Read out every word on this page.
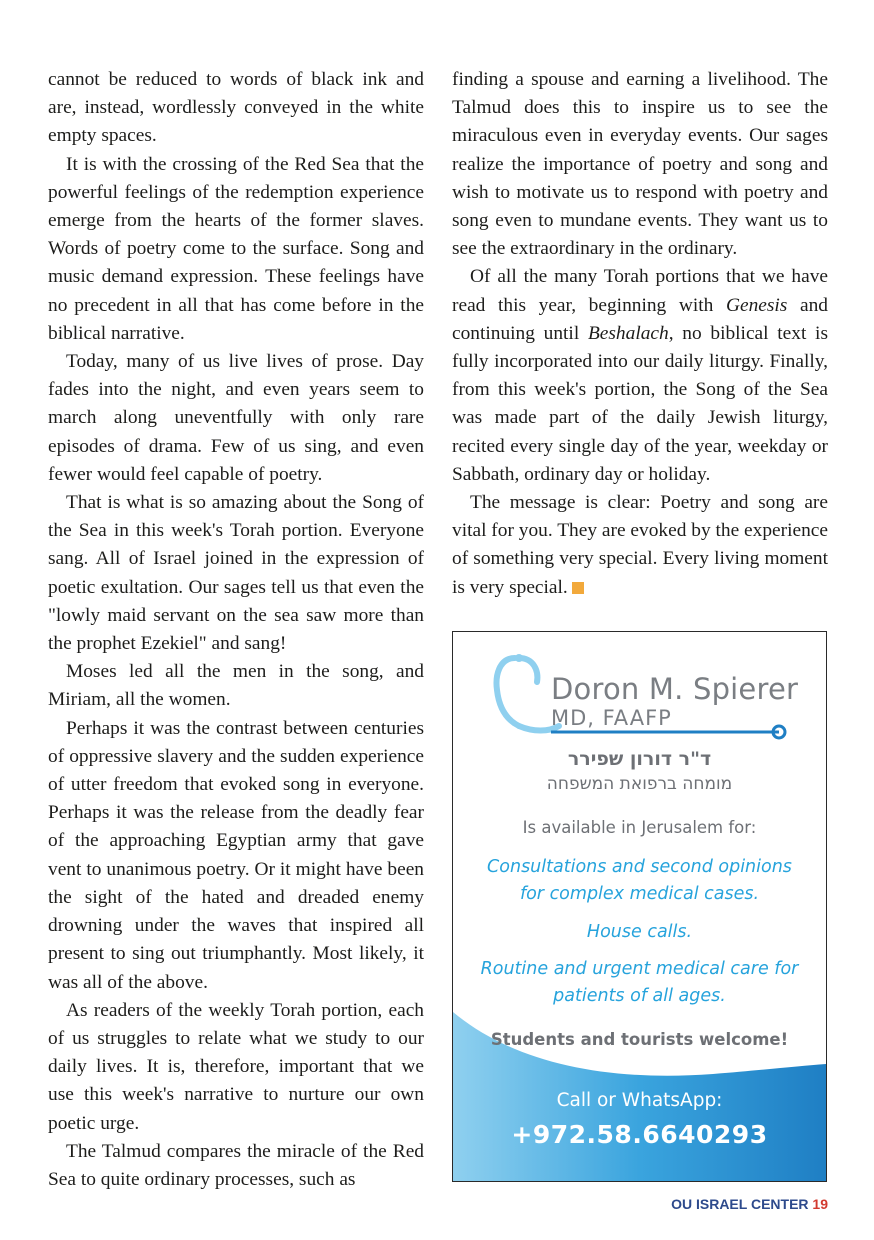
cannot be reduced to words of black ink and are, instead, wordlessly conveyed in the white empty spaces.

It is with the crossing of the Red Sea that the powerful feelings of the redemption experience emerge from the hearts of the former slaves. Words of poetry come to the surface. Song and music demand expression. These feelings have no precedent in all that has come before in the biblical narrative.

Today, many of us live lives of prose. Day fades into the night, and even years seem to march along uneventfully with only rare episodes of drama. Few of us sing, and even fewer would feel capable of poetry.

That is what is so amazing about the Song of the Sea in this week's Torah portion. Everyone sang. All of Israel joined in the expression of poetic exultation. Our sages tell us that even the "lowly maid servant on the sea saw more than the prophet Ezekiel" and sang!

Moses led all the men in the song, and Miriam, all the women.

Perhaps it was the contrast between centuries of oppressive slavery and the sudden experience of utter freedom that evoked song in everyone. Perhaps it was the release from the deadly fear of the approaching Egyptian army that gave vent to unanimous poetry. Or it might have been the sight of the hated and dreaded enemy drowning under the waves that inspired all present to sing out triumphantly. Most likely, it was all of the above.

As readers of the weekly Torah portion, each of us struggles to relate what we study to our daily lives. It is, therefore, important that we use this week's narrative to nurture our own poetic urge.

The Talmud compares the miracle of the Red Sea to quite ordinary processes, such as

finding a spouse and earning a livelihood. The Talmud does this to inspire us to see the miraculous even in everyday events. Our sages realize the importance of poetry and song and wish to motivate us to respond with poetry and song even to mundane events. They want us to see the extraordinary in the ordinary.

Of all the many Torah portions that we have read this year, beginning with Genesis and continuing until Beshalach, no biblical text is fully incorporated into our daily liturgy. Finally, from this week's portion, the Song of the Sea was made part of the daily Jewish liturgy, recited every single day of the year, weekday or Sabbath, ordinary day or holiday.

The message is clear: Poetry and song are vital for you. They are evoked by the experience of something very special. Every living moment is very special.

Doron M. Spierer
MD, FAAFP
ד"ר דורון שפירר
מומחה ברפואת המשפחה
Is available in Jerusalem for:
Consultations and second opinions
for complex medical cases.
House calls.
Routine and urgent medical care for
patients of all ages.
Students and tourists welcome!
Call or WhatsApp:
+972.58.6640293
OU ISRAEL CENTER 19
